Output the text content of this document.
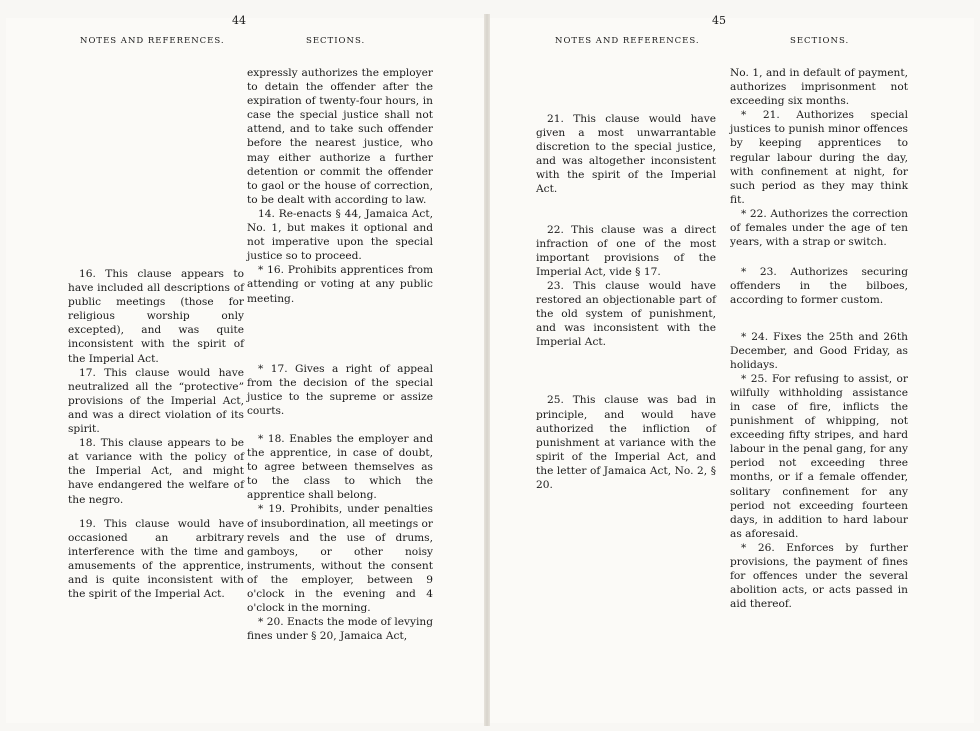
44
NOTES AND REFERENCES.	SECTIONS.

expressly authorizes the employer to detain the offender after the expiration of twenty-four hours, in case the special justice shall not attend, and to take such offender before the nearest justice, who may either authorize a further detention or commit the offender to gaol or the house of correction, to be dealt with according to law.

14. Re-enacts § 44, Jamaica Act, No. 1, but makes it optional and not imperative upon the special justice so to proceed.

* 16. Prohibits apprentices from attending or voting at any public meeting.

* 17. Gives a right of appeal from the decision of the special justice to the supreme or assize courts.

* 18. Enables the employer and the apprentice, in case of doubt, to agree between themselves as to the class to which the apprentice shall belong.

* 19. Prohibits, under penalties of insubordination, all meetings or revels and the use of drums, gamboys, or other noisy instruments, without the consent of the employer, between 9 o'clock in the evening and 4 o'clock in the morning.

* 20. Enacts the mode of levying fines under § 20, Jamaica Act,

16. This clause appears to have included all descriptions of public meetings (those for religious worship only excepted), and was quite inconsistent with the spirit of the Imperial Act.

17. This clause would have neutralized all the “protective” provisions of the Imperial Act, and was a direct violation of its spirit.

18. This clause appears to be at variance with the policy of the Imperial Act, and might have endangered the welfare of the negro.

19. This clause would have occasioned an arbitrary interference with the time and amusements of the apprentice, and is quite inconsistent with the spirit of the Imperial Act.

45
NOTES AND REFERENCES.	SECTIONS.

21. This clause would have given a most unwarrantable discretion to the special justice, and was altogether inconsistent with the spirit of the Imperial Act.

22. This clause was a direct infraction of one of the most important provisions of the Imperial Act, vide § 17.

23. This clause would have restored an objectionable part of the old system of punishment, and was inconsistent with the Imperial Act.

25. This clause was bad in principle, and would have authorized the infliction of punishment at variance with the spirit of the Imperial Act, and the letter of Jamaica Act, No. 2, § 20.

No. 1, and in default of payment, authorizes imprisonment not exceeding six months.

* 21. Authorizes special justices to punish minor offences by keeping apprentices to regular labour during the day, with confinement at night, for such period as they may think fit.

* 22. Authorizes the correction of females under the age of ten years, with a strap or switch.

* 23. Authorizes securing offenders in the bilboes, according to former custom.

* 24. Fixes the 25th and 26th December, and Good Friday, as holidays.

* 25. For refusing to assist, or wilfully withholding assistance in case of fire, inflicts the punishment of whipping, not exceeding fifty stripes, and hard labour in the penal gang, for any period not exceeding three months, or if a female offender, solitary confinement for any period not exceeding fourteen days, in addition to hard labour as aforesaid.

* 26. Enforces by further provisions, the payment of fines for offences under the several abolition acts, or acts passed in aid thereof.
